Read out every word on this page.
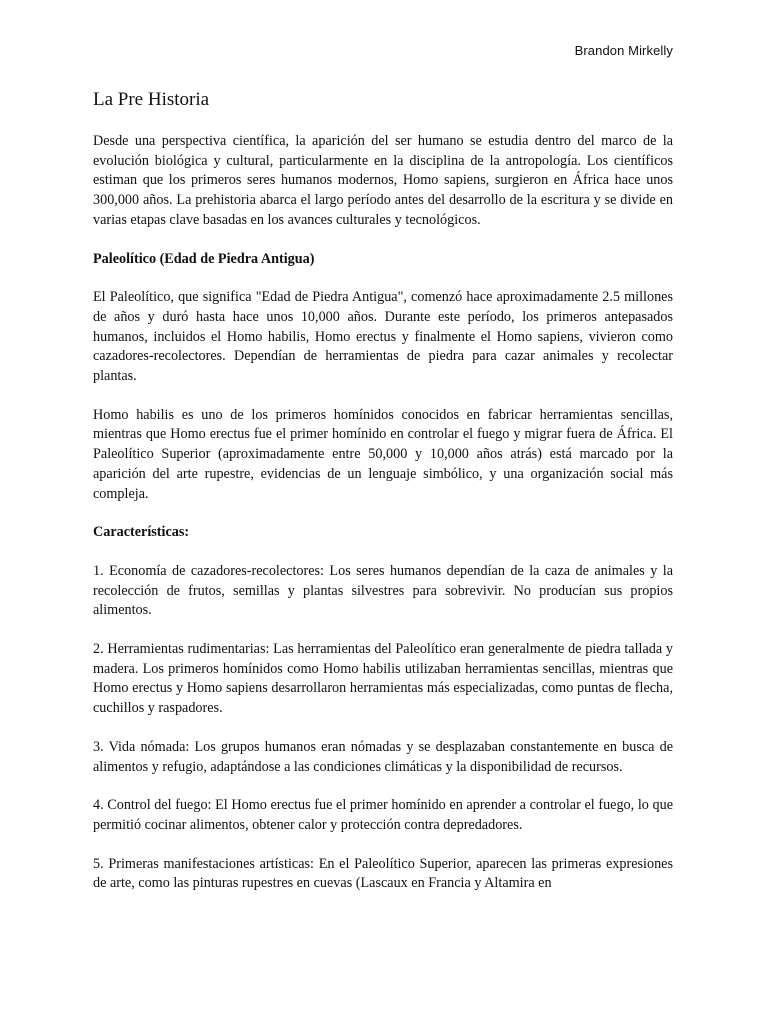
Brandon Mirkelly
La Pre Historia

Desde una perspectiva científica, la aparición del ser humano se estudia dentro del marco de la evolución biológica y cultural, particularmente en la disciplina de la antropología. Los científicos estiman que los primeros seres humanos modernos, Homo sapiens, surgieron en África hace unos 300,000 años. La prehistoria abarca el largo período antes del desarrollo de la escritura y se divide en varias etapas clave basadas en los avances culturales y tecnológicos.

Paleolítico (Edad de Piedra Antigua)

El Paleolítico, que significa "Edad de Piedra Antigua", comenzó hace aproximadamente 2.5 millones de años y duró hasta hace unos 10,000 años. Durante este período, los primeros antepasados humanos, incluidos el Homo habilis, Homo erectus y finalmente el Homo sapiens, vivieron como cazadores-recolectores. Dependían de herramientas de piedra para cazar animales y recolectar plantas.

Homo habilis es uno de los primeros homínidos conocidos en fabricar herramientas sencillas, mientras que Homo erectus fue el primer homínido en controlar el fuego y migrar fuera de África. El Paleolítico Superior (aproximadamente entre 50,000 y 10,000 años atrás) está marcado por la aparición del arte rupestre, evidencias de un lenguaje simbólico, y una organización social más compleja.

Características:

1. Economía de cazadores-recolectores: Los seres humanos dependían de la caza de animales y la recolección de frutos, semillas y plantas silvestres para sobrevivir. No producían sus propios alimentos.

2. Herramientas rudimentarias: Las herramientas del Paleolítico eran generalmente de piedra tallada y madera. Los primeros homínidos como Homo habilis utilizaban herramientas sencillas, mientras que Homo erectus y Homo sapiens desarrollaron herramientas más especializadas, como puntas de flecha, cuchillos y raspadores.

3. Vida nómada: Los grupos humanos eran nómadas y se desplazaban constantemente en busca de alimentos y refugio, adaptándose a las condiciones climáticas y la disponibilidad de recursos.

4. Control del fuego: El Homo erectus fue el primer homínido en aprender a controlar el fuego, lo que permitió cocinar alimentos, obtener calor y protección contra depredadores.

5. Primeras manifestaciones artísticas: En el Paleolítico Superior, aparecen las primeras expresiones de arte, como las pinturas rupestres en cuevas (Lascaux en Francia y Altamira en
